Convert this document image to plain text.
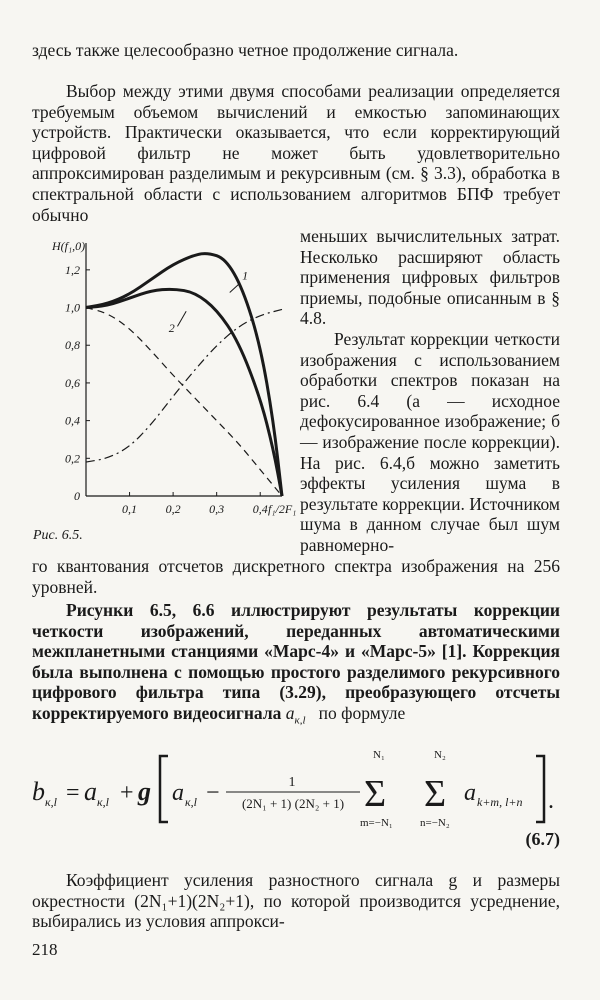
здесь также целесообразно четное продолжение сигнала.

Выбор между этими двумя способами реализации определяется требуемым объемом вычислений и емкостью запоминающих устройств. Практически оказывается, что если корректирующий цифровой фильтр не может быть удовлетворительно аппроксимирован разделимым и рекурсивным (см. § 3.3), обработка в спектральной области с использованием алгоритмов БПФ требует обычно

0,2
0,4
0,6
0,8
1,0
1,2
0
0,1 0,2 0,3 0,4
H(f₁,0)
f₁/2F₁
1
2
Рис. 6.5.

меньших вычислительных затрат. Несколько расширяют область применения цифровых фильтров приемы, подобные описанным в § 4.8.

Результат коррекции четкости изображения с использованием обработки спектров показан на рис. 6.4 (а — исходное дефокусированное изображение; б — изображение после коррекции). На рис. 6.4,б можно заметить эффекты усиления шума в результате коррекции. Источником шума в данном случае был шум равномерно-

го квантования отсчетов дискретного спектра изображения на 256 уровней.

Рисунки 6.5, 6.6 иллюстрируют результаты коррекции четкости изображений, переданных автоматическими межпланетными станциями «Марс-4» и «Марс-5» [1]. Коррекция была выполнена с помощью простого разделимого рекурсивного цифрового фильтра типа (3.29), преобразующего отсчеты корректируемого видеосигнала $a_{к,l}$ по формуле

b к,l = a к,l + g a к,l −	1
(2N₁ + 1) (2N₂ + 1)
N₁
Σ
m=−N₁
N₂
Σ
n=−N₂
a k+m, l+n .
(6.7)

Коэффициент усиления разностного сигнала g и размеры окрестности (2N₁+1)(2N₂+1), по которой производится усреднение, выбирались из условия аппрокси-

218
